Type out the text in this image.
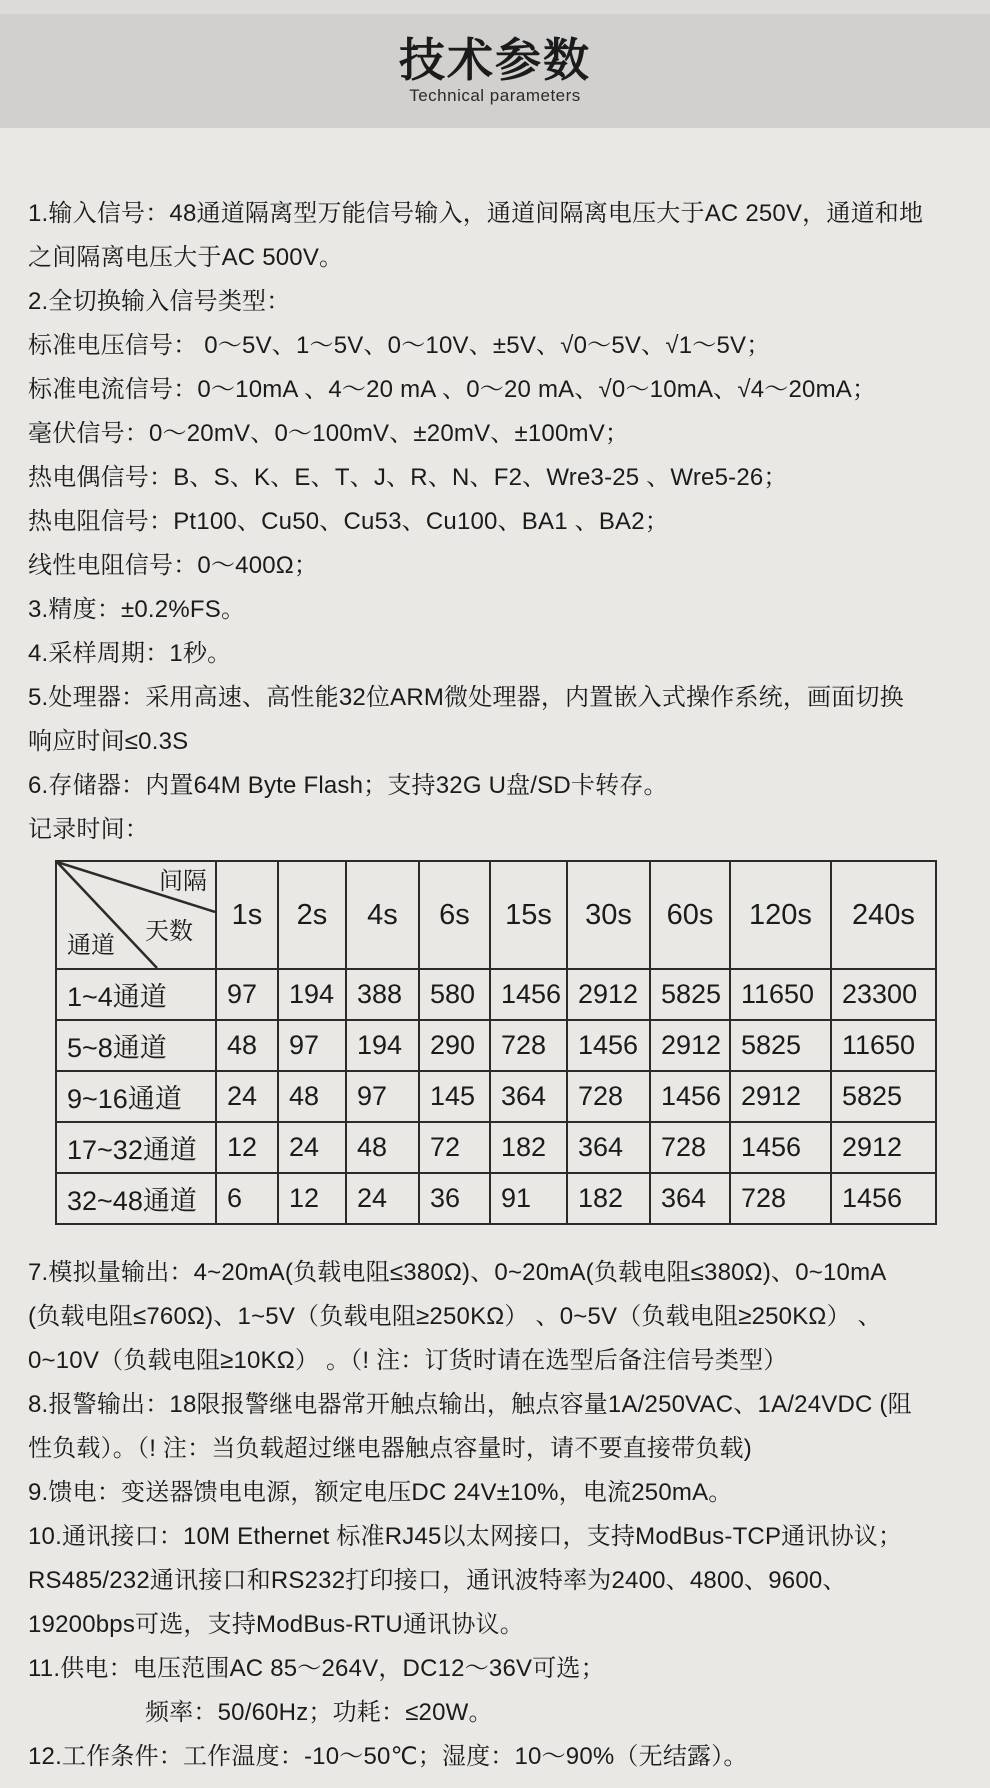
技术参数
Technical parameters
1.输入信号：48通道隔离型万能信号输入，通道间隔离电压大于AC 250V，通道和地
之间隔离电压大于AC 500V。
2.全切换输入信号类型：
标准电压信号： 0～5V、1～5V、0～10V、±5V、√0～5V、√1～5V；
标准电流信号：0～10mA 、4～20 mA 、0～20 mA、√0～10mA、√4～20mA；
毫伏信号：0～20mV、0～100mV、±20mV、±100mV；
热电偶信号：B、S、K、E、T、J、R、N、F2、Wre3-25 、Wre5-26；
热电阻信号：Pt100、Cu50、Cu53、Cu100、BA1 、BA2；
线性电阻信号：0～400Ω；
3.精度：±0.2%FS。
4.采样周期：1秒。
5.处理器：采用高速、高性能32位ARM微处理器，内置嵌入式操作系统，画面切换
响应时间≤0.3S
6.存储器：内置64M Byte Flash；支持32G U盘/SD卡转存。
记录时间：
间隔
天数
通道	1s	2s	4s	6s	15s	30s	60s	120s	240s
1~4通道	97	194	388	580	1456	2912	5825	11650	23300
5~8通道	48	97	194	290	728	1456	2912	5825	11650
9~16通道	24	48	97	145	364	728	1456	2912	5825
17~32通道	12	24	48	72	182	364	728	1456	2912
32~48通道	6	12	24	36	91	182	364	728	1456
7.模拟量输出：4~20mA(负载电阻≤380Ω)、0~20mA(负载电阻≤380Ω)、0~10mA
(负载电阻≤760Ω)、1~5V（负载电阻≥250KΩ） 、0~5V（负载电阻≥250KΩ） 、
0~10V（负载电阻≥10KΩ） 。（! 注：订货时请在选型后备注信号类型）
8.报警输出：18限报警继电器常开触点输出，触点容量1A/250VAC、1A/24VDC (阻
性负载）。（! 注：当负载超过继电器触点容量时，请不要直接带负载)
9.馈电：变送器馈电电源，额定电压DC 24V±10%，电流250mA。
10.通讯接口：10M Ethernet 标准RJ45以太网接口，支持ModBus-TCP通讯协议；
RS485/232通讯接口和RS232打印接口，通讯波特率为2400、4800、9600、
19200bps可选，支持ModBus-RTU通讯协议。
11.供电：电压范围AC 85～264V，DC12～36V可选；
频率：50/60Hz；功耗：≤20W。
12.工作条件：工作温度：-10～50℃；湿度：10～90%（无结露）。
